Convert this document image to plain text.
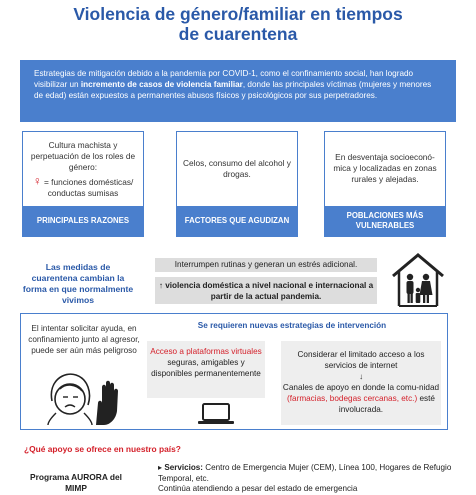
Violencia de género/familiar en tiempos
de cuarentena
Estrategias de mitigación debido a la pandemia por COVID-1, como el confinamiento social, han logrado visibilizar un incremento de casos de violencia familiar, donde las principales víctimas (mujeres y menores de edad) están expuestos a permanentes abusos físicos y psicológicos por sus perpetradores.
Cultura machista y perpetuación de los roles de género:
♀ = funciones domésticas/ conductas sumisas
PRINCIPALES RAZONES
Celos, consumo del alcohol y drogas.
FACTORES QUE AGUDIZAN
En desventaja socioeconó-mica y localizadas en zonas rurales y alejadas.
POBLACIONES MÁS VULNERABLES
Las medidas de cuarentena cambian la forma en que normalmente vivimos
Interrumpen rutinas y generan un estrés adicional.
↑ violencia doméstica a nivel nacional e internacional a partir de la actual pandemia.
El intentar solicitar ayuda, en confinamiento junto al agresor, puede ser aún más peligroso
Se requieren nuevas estrategias de intervención
Acceso a plataformas virtuales seguras, amigables y disponibles permanentemente
Considerar el limitado acceso a los servicios de internet
↓
Canales de apoyo en donde la comu-nidad (farmacias, bodegas cercanas, etc.) esté involucrada.
¿Qué apoyo se ofrece en nuestro país?
Programa AURORA del MIMP
▸ Servicios: Centro de Emergencia Mujer (CEM), Línea 100, Hogares de Refugio Temporal, etc.
Continúa atendiendo a pesar del estado de emergencia
